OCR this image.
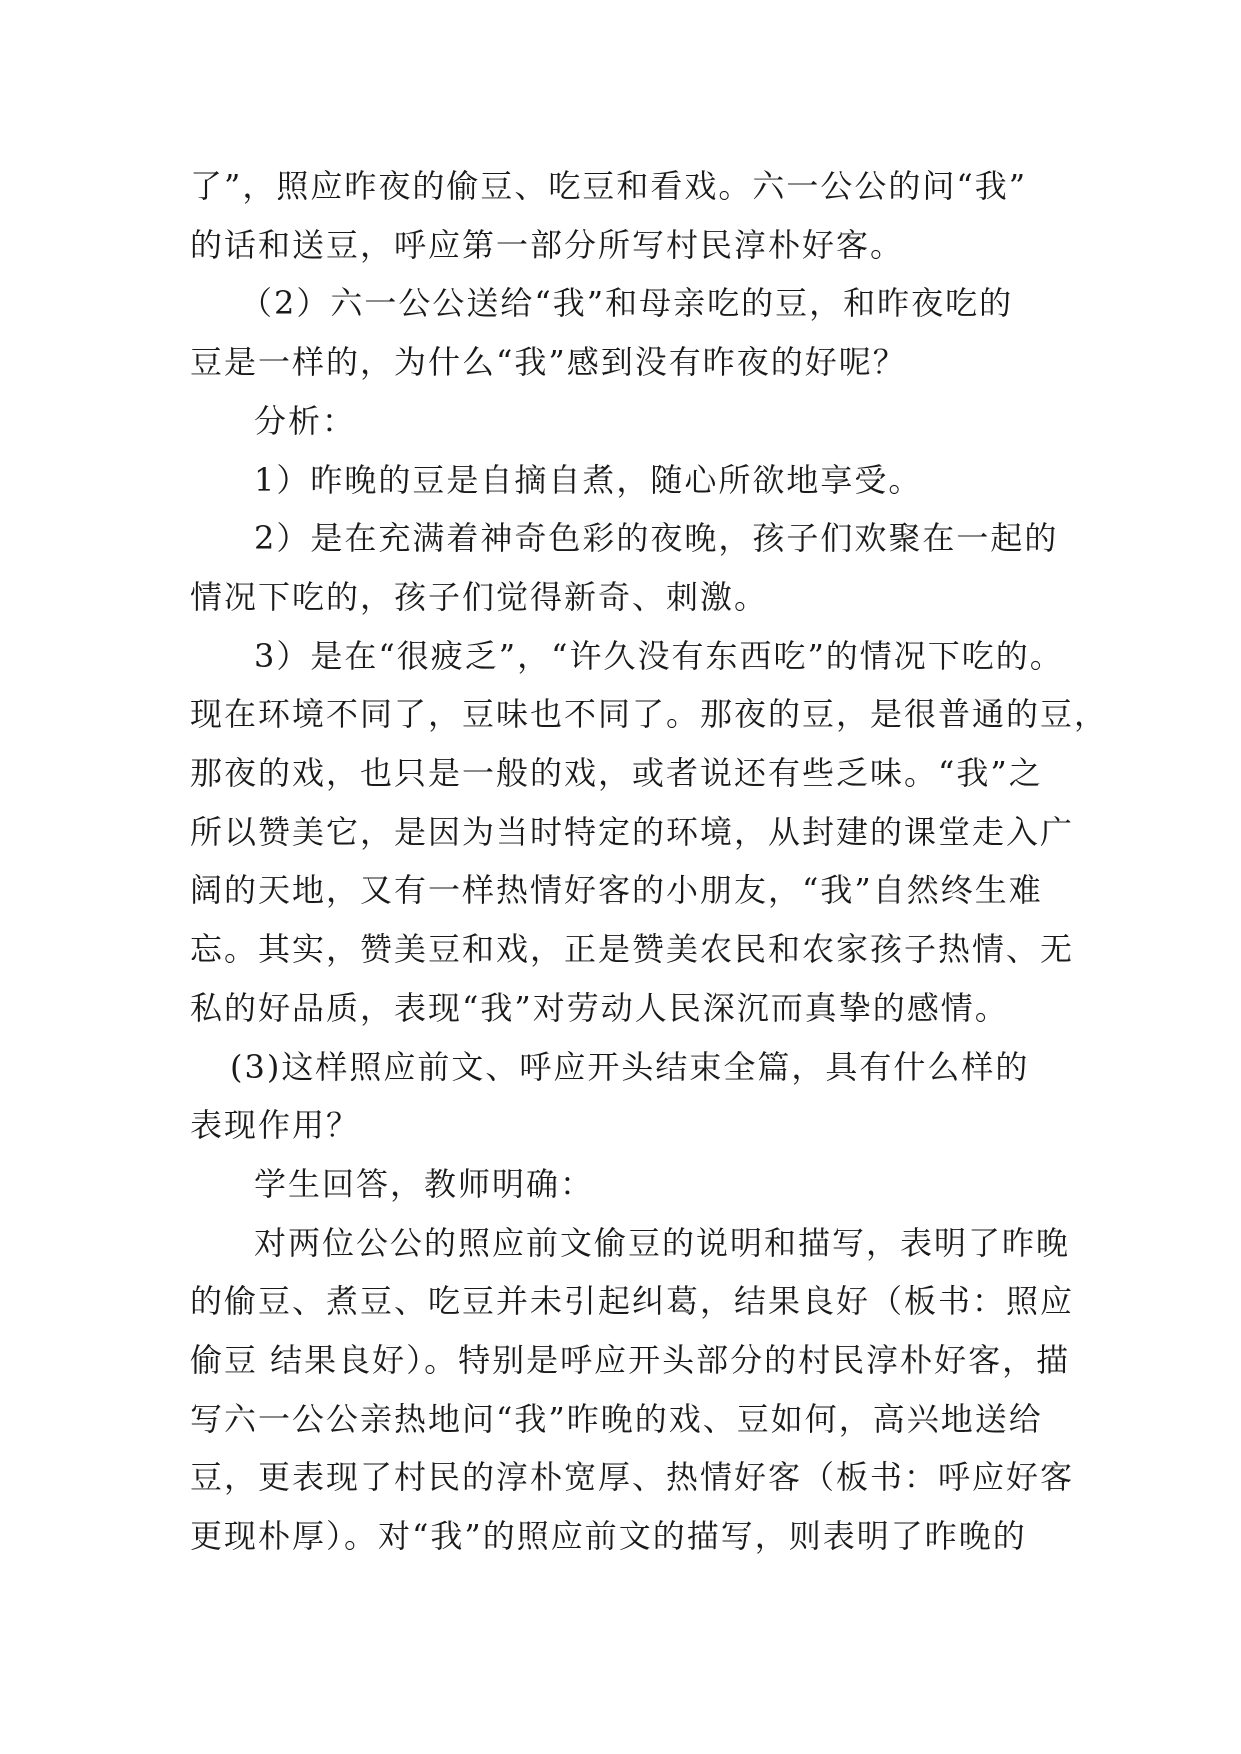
了”，照应昨夜的偷豆、吃豆和看戏。六一公公的问“我”

的话和送豆，呼应第一部分所写村民淳朴好客。

（2）六一公公送给“我”和母亲吃的豆，和昨夜吃的

豆是一样的，为什么“我”感到没有昨夜的好呢？

分析：

1）昨晚的豆是自摘自煮，随心所欲地享受。

2）是在充满着神奇色彩的夜晚，孩子们欢聚在一起的

情况下吃的，孩子们觉得新奇、刺激。

3）是在“很疲乏”，“许久没有东西吃”的情况下吃的。

现在环境不同了，豆味也不同了。那夜的豆，是很普通的豆，

那夜的戏，也只是一般的戏，或者说还有些乏味。“我”之

所以赞美它，是因为当时特定的环境，从封建的课堂走入广

阔的天地，又有一样热情好客的小朋友，“我”自然终生难

忘。其实，赞美豆和戏，正是赞美农民和农家孩子热情、无

私的好品质，表现“我”对劳动人民深沉而真挚的感情。

(3)这样照应前文、呼应开头结束全篇，具有什么样的

表现作用？

学生回答，教师明确：

对两位公公的照应前文偷豆的说明和描写，表明了昨晚

的偷豆、煮豆、吃豆并未引起纠葛，结果良好（板书：照应

偷豆 结果良好）。特别是呼应开头部分的村民淳朴好客，描

写六一公公亲热地问“我”昨晚的戏、豆如何，高兴地送给

豆，更表现了村民的淳朴宽厚、热情好客（板书：呼应好客

更现朴厚）。对“我”的照应前文的描写，则表明了昨晚的
